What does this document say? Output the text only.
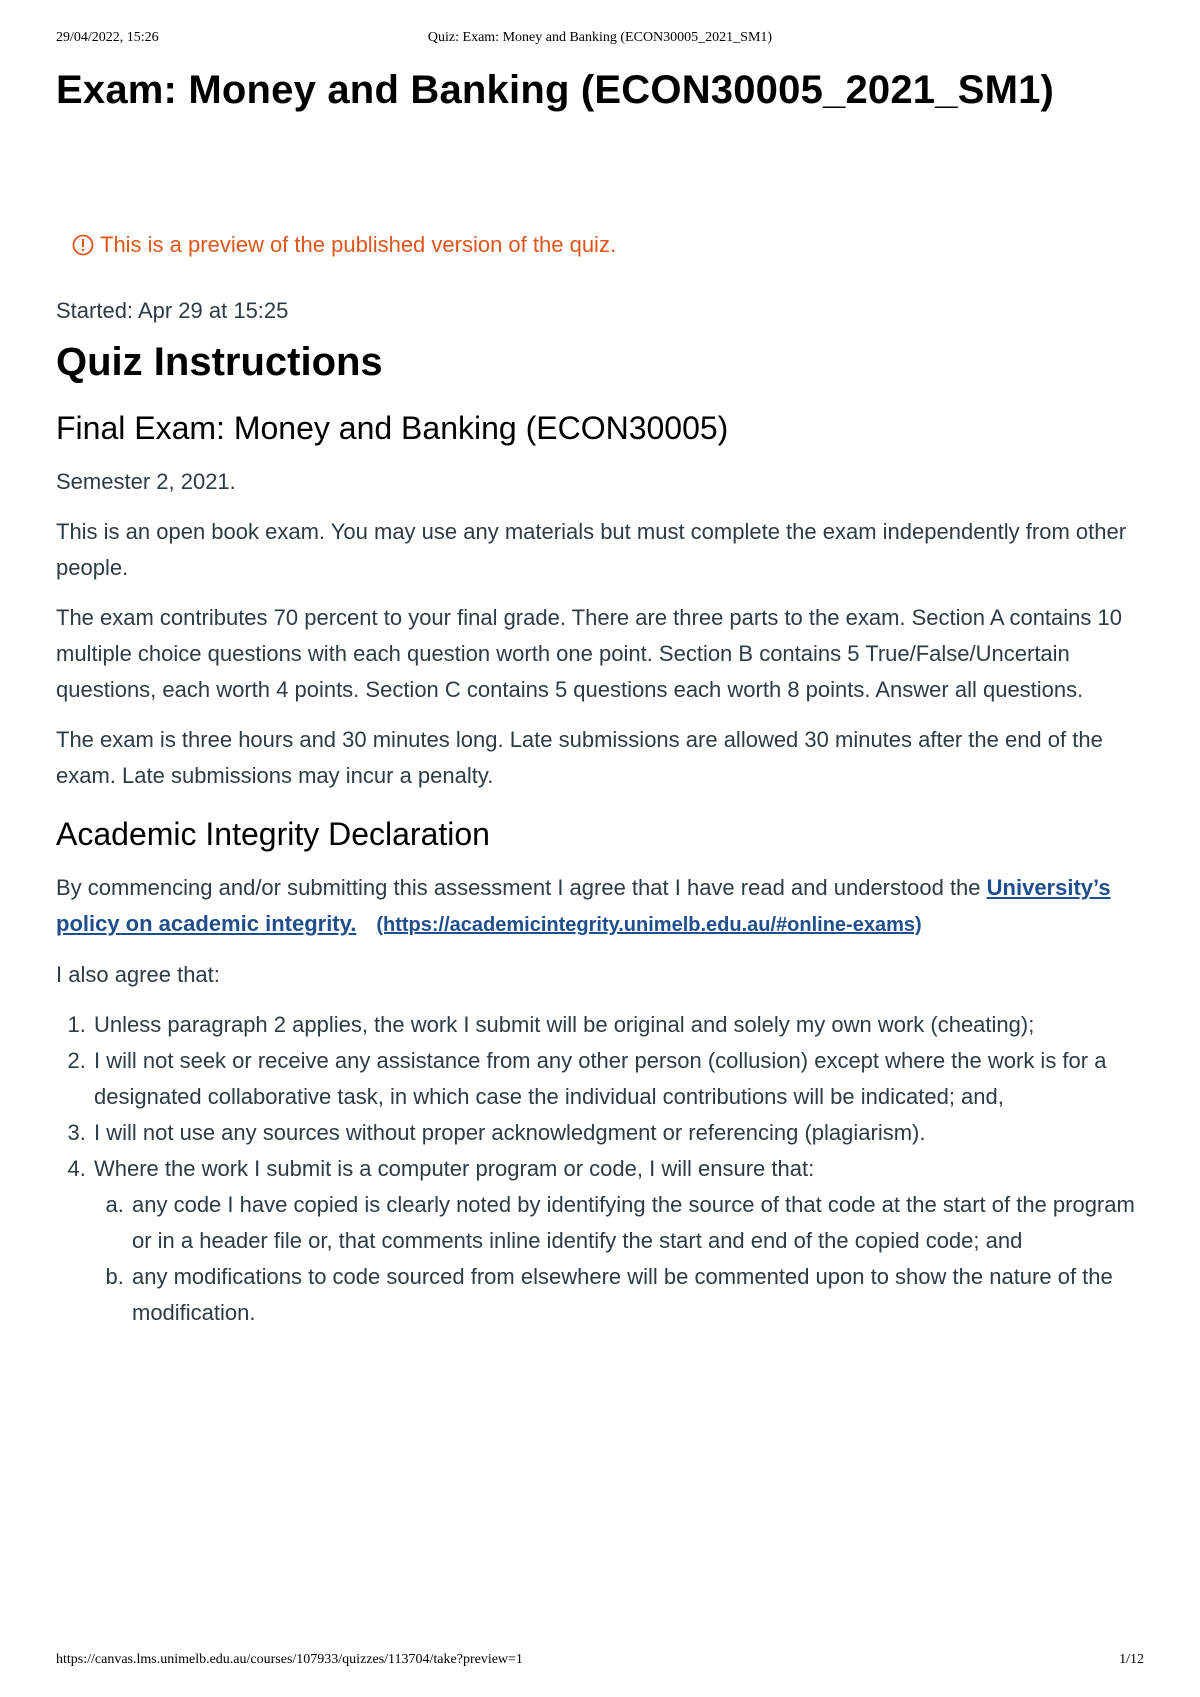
29/04/2022, 15:26	Quiz: Exam: Money and Banking (ECON30005_2021_SM1)
Exam: Money and Banking (ECON30005_2021_SM1)
This is a preview of the published version of the quiz.
Started: Apr 29 at 15:25
Quiz Instructions
Final Exam: Money and Banking (ECON30005)

Semester 2, 2021.

This is an open book exam. You may use any materials but must complete the exam independently from other people.

The exam contributes 70 percent to your final grade. There are three parts to the exam. Section A contains 10 multiple choice questions with each question worth one point. Section B contains 5 True/False/Uncertain questions, each worth 4 points. Section C contains 5 questions each worth 8 points. Answer all questions.

The exam is three hours and 30 minutes long. Late submissions are allowed 30 minutes after the end of the exam. Late submissions may incur a penalty.

Academic Integrity Declaration

By commencing and/or submitting this assessment I agree that I have read and understood the University’s policy on academic integrity. (https://academicintegrity.unimelb.edu.au/#online-exams)

I also agree that:

1. Unless paragraph 2 applies, the work I submit will be original and solely my own work (cheating);
2. I will not seek or receive any assistance from any other person (collusion) except where the work is for a designated collaborative task, in which case the individual contributions will be indicated; and,
3. I will not use any sources without proper acknowledgment or referencing (plagiarism).
4. Where the work I submit is a computer program or code, I will ensure that:
a. any code I have copied is clearly noted by identifying the source of that code at the start of the program or in a header file or, that comments inline identify the start and end of the copied code; and
b. any modifications to code sourced from elsewhere will be commented upon to show the nature of the modification.
https://canvas.lms.unimelb.edu.au/courses/107933/quizzes/113704/take?preview=1	1/12
